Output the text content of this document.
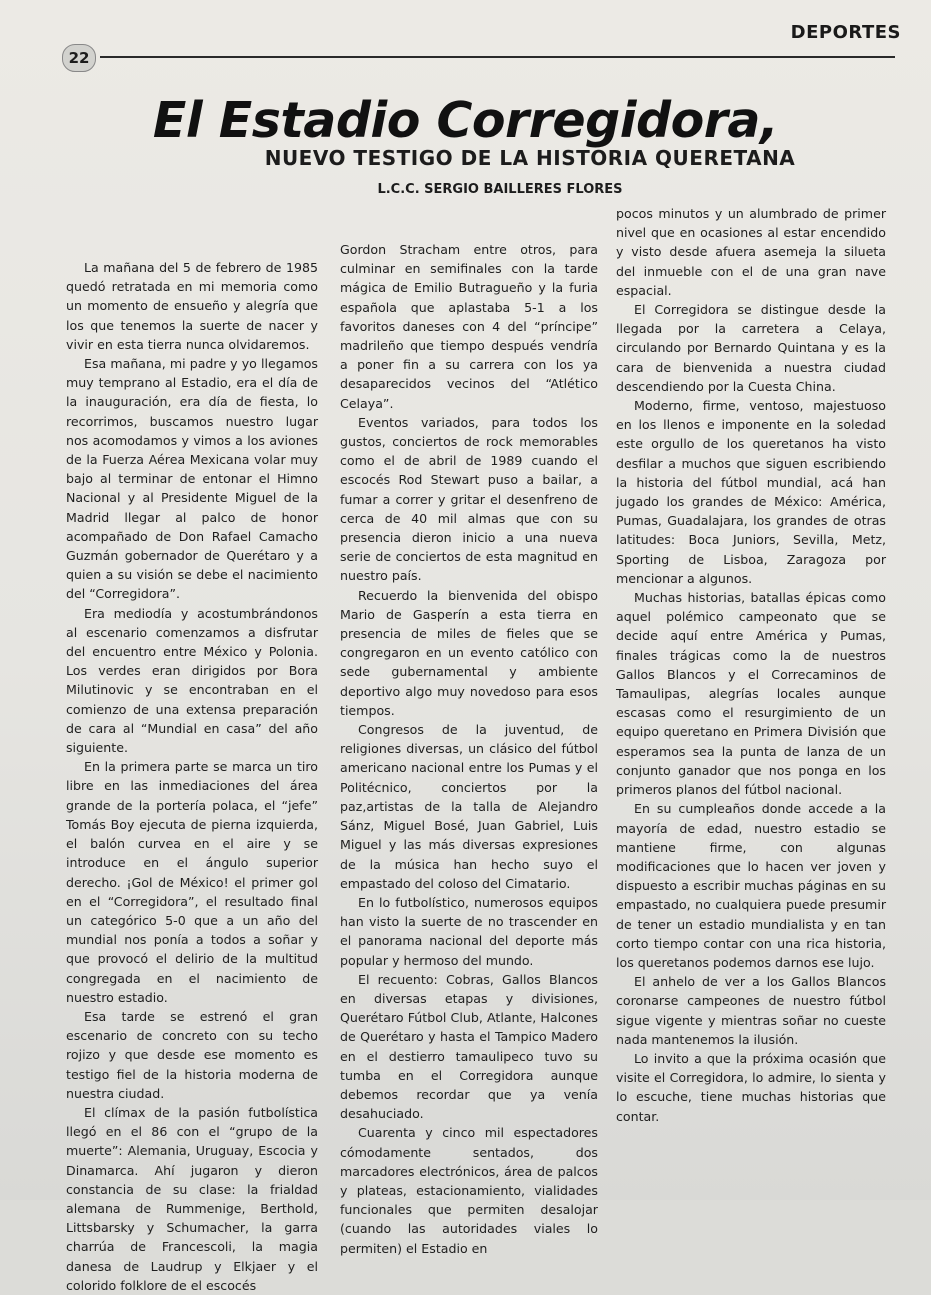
DEPORTES
22
El Estadio Corregidora,
NUEVO TESTIGO DE LA HISTORIA QUERETANA
L.C.C. SERGIO BAILLERES FLORES

La mañana del 5 de febrero de 1985 quedó retratada en mi memoria como un momento de ensueño y alegría que los que tenemos la suerte de nacer y vivir en esta tierra nunca olvidaremos.

Esa mañana, mi padre y yo llegamos muy temprano al Estadio, era el día de la inauguración, era día de fiesta, lo recorrimos, buscamos nuestro lugar nos acomodamos y vimos a los aviones de la Fuerza Aérea Mexicana volar muy bajo al terminar de entonar el Himno Nacional y al Presidente Miguel de la Madrid llegar al palco de honor acompañado de Don Rafael Camacho Guzmán gobernador de Querétaro y a quien a su visión se debe el nacimiento del “Corregidora”.

Era mediodía y acostumbrándonos al escenario comenzamos a disfrutar del encuentro entre México y Polonia. Los verdes eran dirigidos por Bora Milutinovic y se encontraban en el comienzo de una extensa preparación de cara al “Mundial en casa” del año siguiente.

En la primera parte se marca un tiro libre en las inmediaciones del área grande de la portería polaca, el “jefe” Tomás Boy ejecuta de pierna izquierda, el balón curvea en el aire y se introduce en el ángulo superior derecho. ¡Gol de México! el primer gol en el “Corregidora”, el resultado final un categórico 5-0 que a un año del mundial nos ponía a todos a soñar y que provocó el delirio de la multitud congregada en el nacimiento de nuestro estadio.

Esa tarde se estrenó el gran escenario de concreto con su techo rojizo y que desde ese momento es testigo fiel de la historia moderna de nuestra ciudad.

El clímax de la pasión futbolística llegó en el 86 con el “grupo de la muerte”: Alemania, Uruguay, Escocia y Dinamarca. Ahí jugaron y dieron constancia de su clase: la frialdad alemana de Rummenige, Berthold, Littsbarsky y Schumacher, la garra charrúa de Francescoli, la magia danesa de Laudrup y Elkjaer y el colorido folklore de el escocés

Gordon Stracham entre otros, para culminar en semifinales con la tarde mágica de Emilio Butragueño y la furia española que aplastaba 5-1 a los favoritos daneses con 4 del “príncipe” madrileño que tiempo después vendría a poner fin a su carrera con los ya desaparecidos vecinos del “Atlético Celaya”.

Eventos variados, para todos los gustos, conciertos de rock memorables como el de abril de 1989 cuando el escocés Rod Stewart puso a bailar, a fumar a correr y gritar el desenfreno de cerca de 40 mil almas que con su presencia dieron inicio a una nueva serie de conciertos de esta magnitud en nuestro país.

Recuerdo la bienvenida del obispo Mario de Gasperín a esta tierra en presencia de miles de fieles que se congregaron en un evento católico con sede gubernamental y ambiente deportivo algo muy novedoso para esos tiempos.

Congresos de la juventud, de religiones diversas, un clásico del fútbol americano nacional entre los Pumas y el Politécnico, conciertos por la paz,artistas de la talla de Alejandro Sánz, Miguel Bosé, Juan Gabriel, Luis Miguel y las más diversas expresiones de la música han hecho suyo el empastado del coloso del Cimatario.

En lo futbolístico, numerosos equipos han visto la suerte de no trascender en el panorama nacional del deporte más popular y hermoso del mundo.

El recuento: Cobras, Gallos Blancos en diversas etapas y divisiones, Querétaro Fútbol Club, Atlante, Halcones de Querétaro y hasta el Tampico Madero en el destierro tamaulipeco tuvo su tumba en el Corregidora aunque debemos recordar que ya venía desahuciado.

Cuarenta y cinco mil espectadores cómodamente sentados, dos marcadores electrónicos, área de palcos y plateas, estacionamiento, vialidades funcionales que permiten desalojar (cuando las autoridades viales lo permiten) el Estadio en

pocos minutos y un alumbrado de primer nivel que en ocasiones al estar encendido y visto desde afuera asemeja la silueta del inmueble con el de una gran nave espacial.

El Corregidora se distingue desde la llegada por la carretera a Celaya, circulando por Bernardo Quintana y es la cara de bienvenida a nuestra ciudad descendiendo por la Cuesta China.

Moderno, firme, ventoso, majestuoso en los llenos e imponente en la soledad este orgullo de los queretanos ha visto desfilar a muchos que siguen escribiendo la historia del fútbol mundial, acá han jugado los grandes de México: América, Pumas, Guadalajara, los grandes de otras latitudes: Boca Juniors, Sevilla, Metz, Sporting de Lisboa, Zaragoza por mencionar a algunos.

Muchas historias, batallas épicas como aquel polémico campeonato que se decide aquí entre América y Pumas, finales trágicas como la de nuestros Gallos Blancos y el Correcaminos de Tamaulipas, alegrías locales aunque escasas como el resurgimiento de un equipo queretano en Primera División que esperamos sea la punta de lanza de un conjunto ganador que nos ponga en los primeros planos del fútbol nacional.

En su cumpleaños donde accede a la mayoría de edad, nuestro estadio se mantiene firme, con algunas modificaciones que lo hacen ver joven y dispuesto a escribir muchas páginas en su empastado, no cualquiera puede presumir de tener un estadio mundialista y en tan corto tiempo contar con una rica historia, los queretanos podemos darnos ese lujo.

El anhelo de ver a los Gallos Blancos coronarse campeones de nuestro fútbol sigue vigente y mientras soñar no cueste nada mantenemos la ilusión.

Lo invito a que la próxima ocasión que visite el Corregidora, lo admire, lo sienta y lo escuche, tiene muchas historias que contar.
